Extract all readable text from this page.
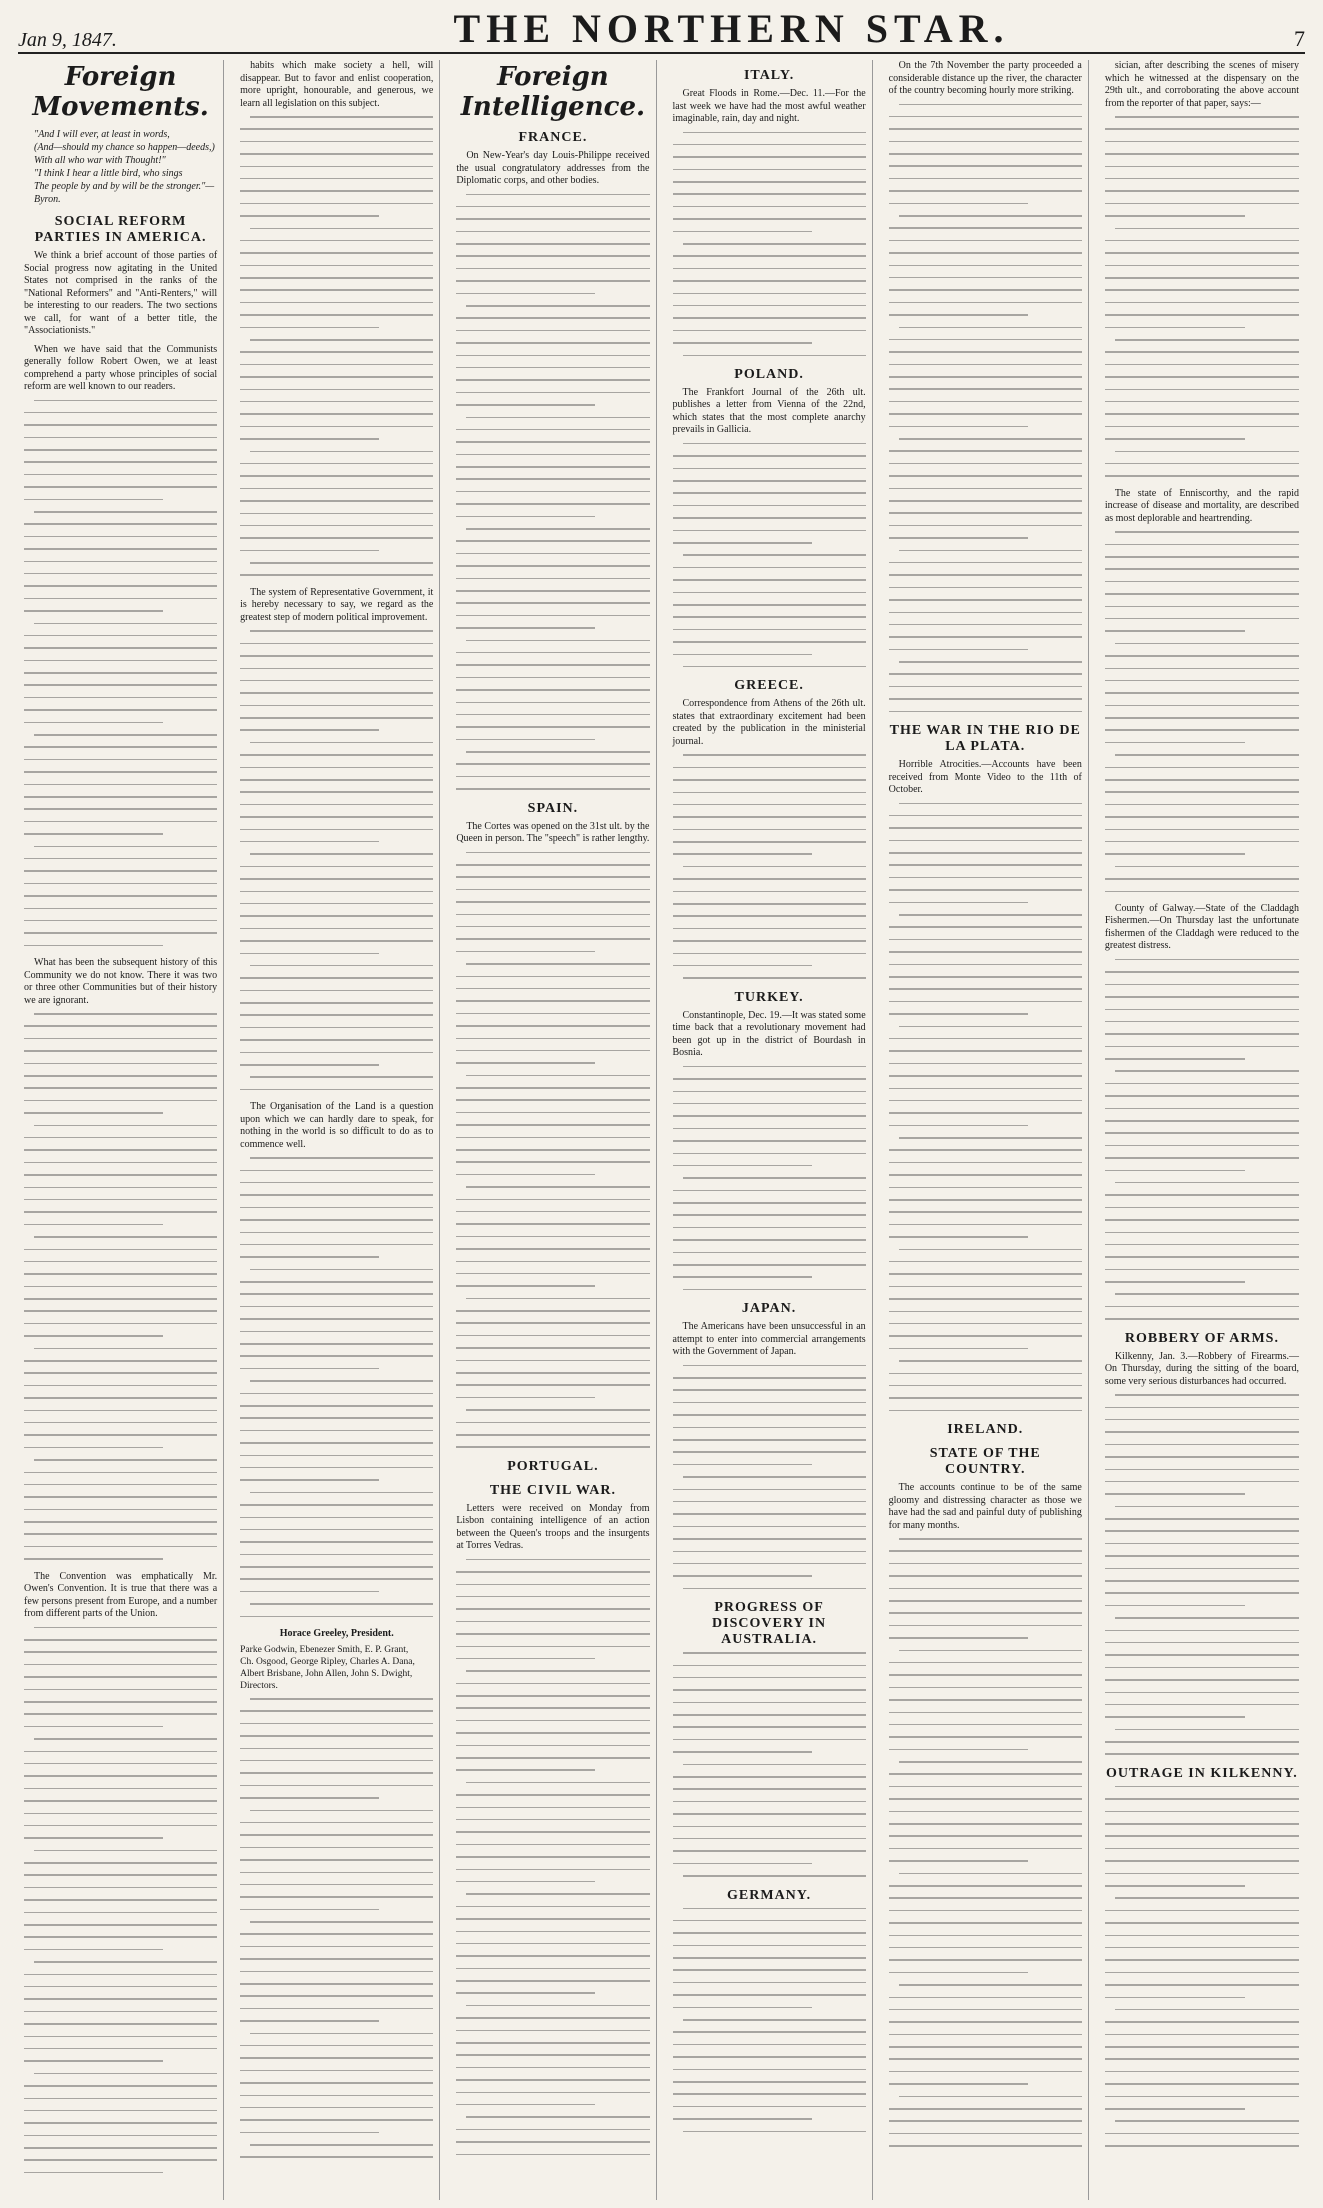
Jan 9, 1847.	THE NORTHERN STAR.	7
Foreign Movements.
"And I will ever, at least in words,
(And—should my chance so happen—deeds,)
With all who war with Thought!"
"I think I hear a little bird, who sings
The people by and by will be the stronger."—Byron.
SOCIAL REFORM PARTIES IN AMERICA.

We think a brief account of those parties of Social progress now agitating in the United States not comprised in the ranks of the "National Reformers" and "Anti-Renters," will be interesting to our readers. The two sections we call, for want of a better title, the "Associationists."

When we have said that the Communists generally follow Robert Owen, we at least comprehend a party whose principles of social reform are well known to our readers.

What has been the subsequent history of this Community we do not know. There it was two or three other Communities but of their history we are ignorant.

The Convention was emphatically Mr. Owen's Convention. It is true that there was a few persons present from Europe, and a number from different parts of the Union.

habits which make society a hell, will disappear. But to favor and enlist cooperation, more upright, honourable, and generous, we learn all legislation on this subject.

The system of Representative Government, it is hereby necessary to say, we regard as the greatest step of modern political improvement.

The Organisation of the Land is a question upon which we can hardly dare to speak, for nothing in the world is so difficult to do as to commence well.

Horace Greeley, President.
Parke Godwin, Ebenezer Smith, E. P. Grant,
Ch. Osgood, George Ripley, Charles A. Dana,
Albert Brisbane, John Allen, John S. Dwight, Directors.
Foreign Intelligence.
FRANCE.

On New-Year's day Louis-Philippe received the usual congratulatory addresses from the Diplomatic corps, and other bodies.

SPAIN.

The Cortes was opened on the 31st ult. by the Queen in person. The "speech" is rather lengthy.

PORTUGAL.
THE CIVIL WAR.

Letters were received on Monday from Lisbon containing intelligence of an action between the Queen's troops and the insurgents at Torres Vedras.

ITALY.

Great Floods in Rome.—Dec. 11.—For the last week we have had the most awful weather imaginable, rain, day and night.

POLAND.

The Frankfort Journal of the 26th ult. publishes a letter from Vienna of the 22nd, which states that the most complete anarchy prevails in Gallicia.

GREECE.

Correspondence from Athens of the 26th ult. states that extraordinary excitement had been created by the publication in the ministerial journal.

TURKEY.

Constantinople, Dec. 19.—It was stated some time back that a revolutionary movement had been got up in the district of Bourdash in Bosnia.

JAPAN.

The Americans have been unsuccessful in an attempt to enter into commercial arrangements with the Government of Japan.

PROGRESS OF DISCOVERY IN AUSTRALIA.
GERMANY.

On the 7th November the party proceeded a considerable distance up the river, the character of the country becoming hourly more striking.

THE WAR IN THE RIO DE LA PLATA.

Horrible Atrocities.—Accounts have been received from Monte Video to the 11th of October.

IRELAND.
STATE OF THE COUNTRY.

The accounts continue to be of the same gloomy and distressing character as those we have had the sad and painful duty of publishing for many months.

sician, after describing the scenes of misery which he witnessed at the dispensary on the 29th ult., and corroborating the above account from the reporter of that paper, says:—

The state of Enniscorthy, and the rapid increase of disease and mortality, are described as most deplorable and heartrending.

County of Galway.—State of the Claddagh Fishermen.—On Thursday last the unfortunate fishermen of the Claddagh were reduced to the greatest distress.

ROBBERY OF ARMS.

Kilkenny, Jan. 3.—Robbery of Firearms.—On Thursday, during the sitting of the board, some very serious disturbances had occurred.

OUTRAGE IN KILKENNY.
